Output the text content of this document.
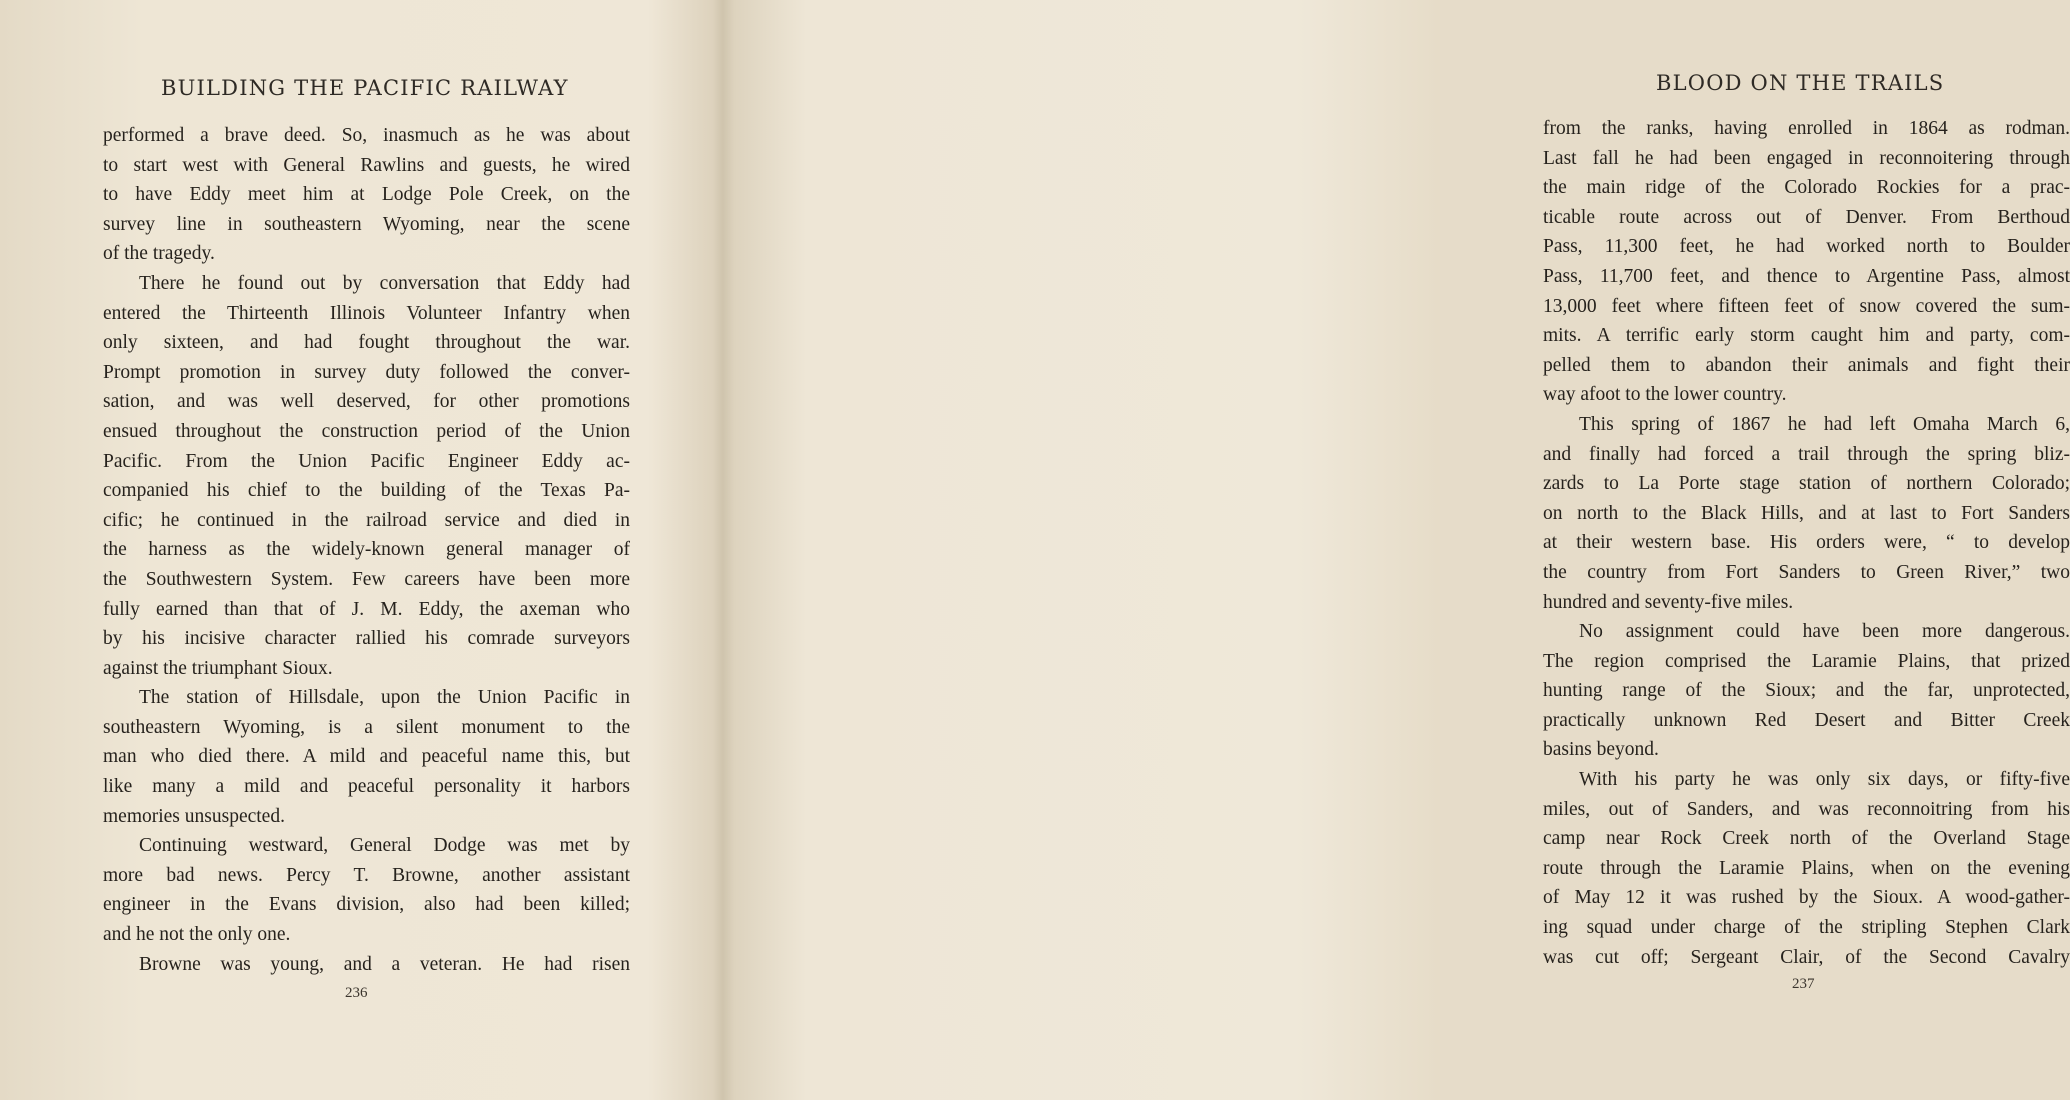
BUILDING THE PACIFIC RAILWAY
performed a brave deed. So, inasmuch as he was about
to start west with General Rawlins and guests, he wired
to have Eddy meet him at Lodge Pole Creek, on the
survey line in southeastern Wyoming, near the scene
of the tragedy.
There he found out by conversation that Eddy had
entered the Thirteenth Illinois Volunteer Infantry when
only sixteen, and had fought throughout the war.
Prompt promotion in survey duty followed the conver-
sation, and was well deserved, for other promotions
ensued throughout the construction period of the Union
Pacific. From the Union Pacific Engineer Eddy ac-
companied his chief to the building of the Texas Pa-
cific; he continued in the railroad service and died in
the harness as the widely-known general manager of
the Southwestern System. Few careers have been more
fully earned than that of J. M. Eddy, the axeman who
by his incisive character rallied his comrade surveyors
against the triumphant Sioux.
The station of Hillsdale, upon the Union Pacific in
southeastern Wyoming, is a silent monument to the
man who died there. A mild and peaceful name this, but
like many a mild and peaceful personality it harbors
memories unsuspected.
Continuing westward, General Dodge was met by
more bad news. Percy T. Browne, another assistant
engineer in the Evans division, also had been killed;
and he not the only one.
Browne was young, and a veteran. He had risen
236
BLOOD ON THE TRAILS
from the ranks, having enrolled in 1864 as rodman.
Last fall he had been engaged in reconnoitering through
the main ridge of the Colorado Rockies for a prac-
ticable route across out of Denver. From Berthoud
Pass, 11,300 feet, he had worked north to Boulder
Pass, 11,700 feet, and thence to Argentine Pass, almost
13,000 feet where fifteen feet of snow covered the sum-
mits. A terrific early storm caught him and party, com-
pelled them to abandon their animals and fight their
way afoot to the lower country.
This spring of 1867 he had left Omaha March 6,
and finally had forced a trail through the spring bliz-
zards to La Porte stage station of northern Colorado;
on north to the Black Hills, and at last to Fort Sanders
at their western base. His orders were, “ to develop
the country from Fort Sanders to Green River,” two
hundred and seventy-five miles.
No assignment could have been more dangerous.
The region comprised the Laramie Plains, that prized
hunting range of the Sioux; and the far, unprotected,
practically unknown Red Desert and Bitter Creek
basins beyond.
With his party he was only six days, or fifty-five
miles, out of Sanders, and was reconnoitring from his
camp near Rock Creek north of the Overland Stage
route through the Laramie Plains, when on the evening
of May 12 it was rushed by the Sioux. A wood-gather-
ing squad under charge of the stripling Stephen Clark
was cut off; Sergeant Clair, of the Second Cavalry
237
